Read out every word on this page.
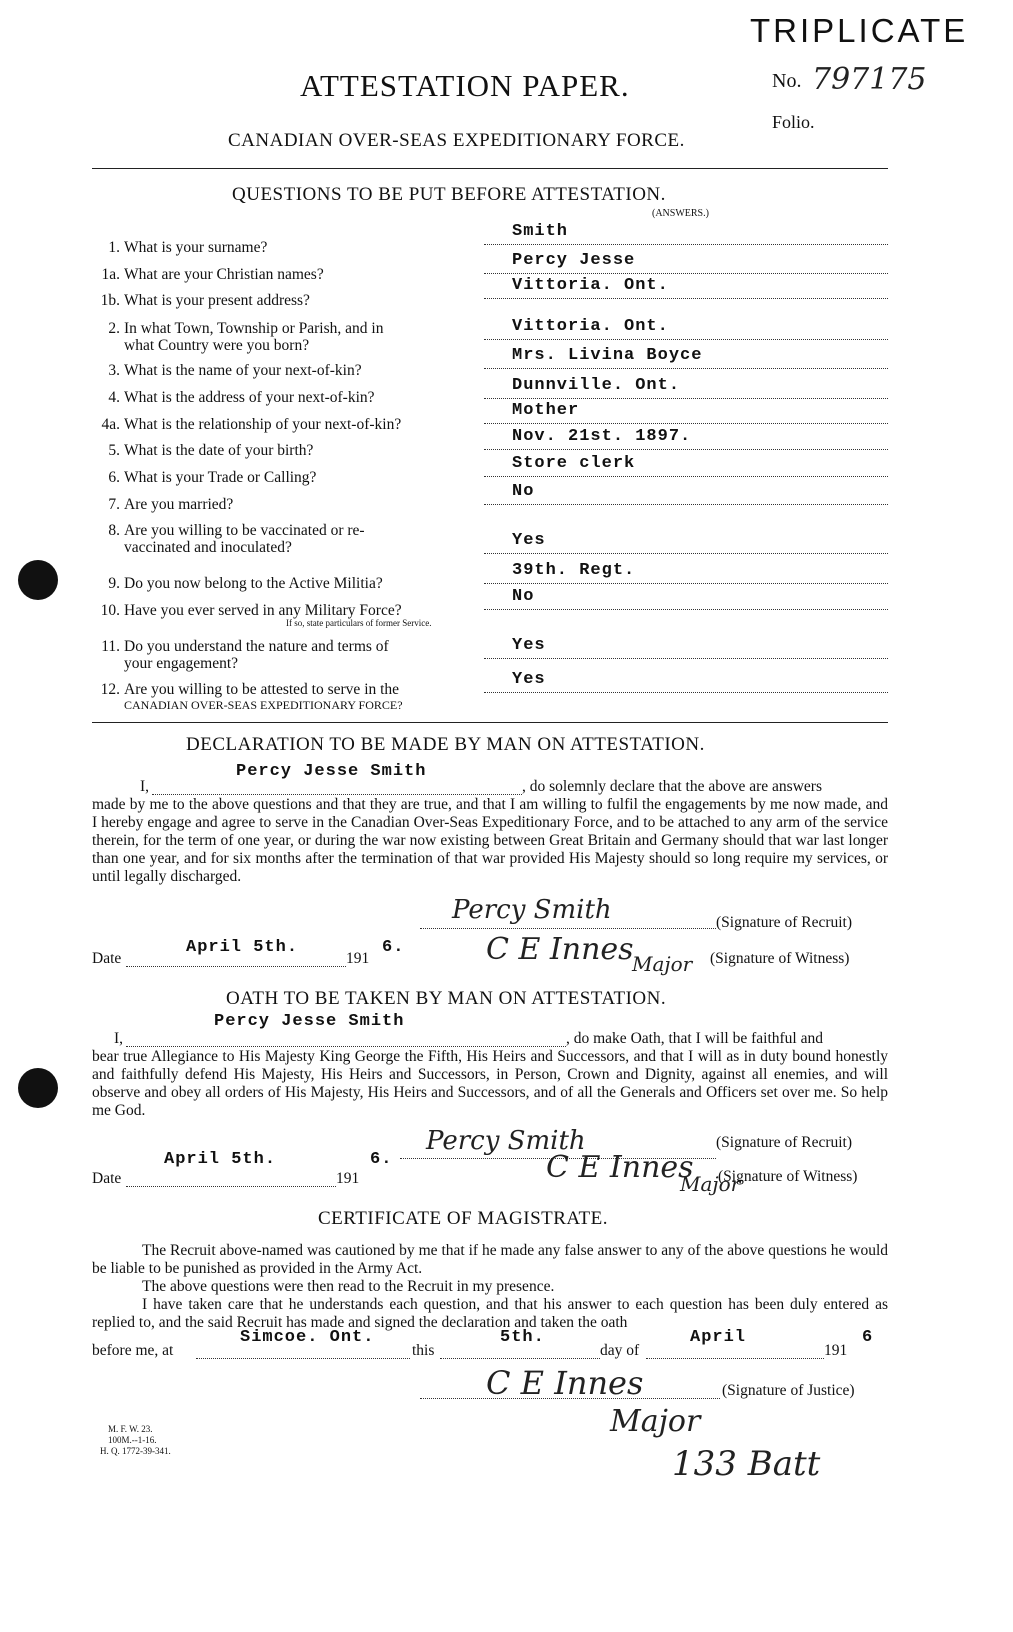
TRIPLICATE
No. 797175
Folio.
ATTESTATION PAPER.
CANADIAN OVER-SEAS EXPEDITIONARY FORCE.
QUESTIONS TO BE PUT BEFORE ATTESTATION.
(ANSWERS.)
1. What is your surname?
Smith
1a. What are your Christian names?
Percy Jesse
1b. What is your present address?
Vittoria. Ont.
2. In what Town, Township or Parish, and in
what Country were you born?
Vittoria. Ont.
3. What is the name of your next-of-kin?
Mrs. Livina Boyce
4. What is the address of your next-of-kin?
Dunnville. Ont.
4a. What is the relationship of your next-of-kin?
Mother
5. What is the date of your birth?
Nov. 21st. 1897.
6. What is your Trade or Calling?
Store clerk
7. Are you married?
No
8. Are you willing to be vaccinated or re-
vaccinated and inoculated?	Yes
9. Do you now belong to the Active Militia?
39th. Regt.
10. Have you ever served in any Military Force?
If so, state particulars of former Service.
No
11. Do you understand the nature and terms of
your engagement?
Yes
12. Are you willing to be attested to serve in the
CANADIAN OVER-SEAS EXPEDITIONARY FORCE?
Yes
DECLARATION TO BE MADE BY MAN ON ATTESTATION.
Percy Jesse Smith
I,	, do solemnly declare that the above are answers
made by me to the above questions and that they are true, and that I am willing to fulfil the engagements by me now made, and I hereby engage and agree to serve in the Canadian Over-Seas Expeditionary Force, and to be attached to any arm of the service therein, for the term of one year, or during the war now existing between Great Britain and Germany should that war last longer than one year, and for six months after the termination of that war provided His Majesty should so long require my services, or until legally discharged.
Percy Smith	(Signature of Recruit)
Date
April 5th.
191
6.	C E Innes
Major (Signature of Witness)
OATH TO BE TAKEN BY MAN ON ATTESTATION.
Percy Jesse Smith
I,	, do make Oath, that I will be faithful and
bear true Allegiance to His Majesty King George the Fifth, His Heirs and Successors, and that I will as in duty bound honestly and faithfully defend His Majesty, His Heirs and Successors, in Person, Crown and Dignity, against all enemies, and will observe and obey all orders of His Majesty, His Heirs and Successors, and of all the Generals and Officers set over me. So help me God.
Percy Smith	(Signature of Recruit)
Date
April 5th.
191
6.	C E Innes
Major
(Signature of Witness)
CERTIFICATE OF MAGISTRATE.
The Recruit above-named was cautioned by me that if he made any false answer to any of the above questions he would be liable to be punished as provided in the Army Act.
The above questions were then read to the Recruit in my presence.
I have taken care that he understands each question, and that his answer to each question has been duly entered as replied to, and the said Recruit has made and signed the declaration and taken the oath
before me, at
Simcoe. Ont.
this
5th.
day of
April
191
6
C E Innes	(Signature of Justice)
Major
133 Batt
M. F. W. 23.
100M.--1-16.
H. Q. 1772-39-341.
